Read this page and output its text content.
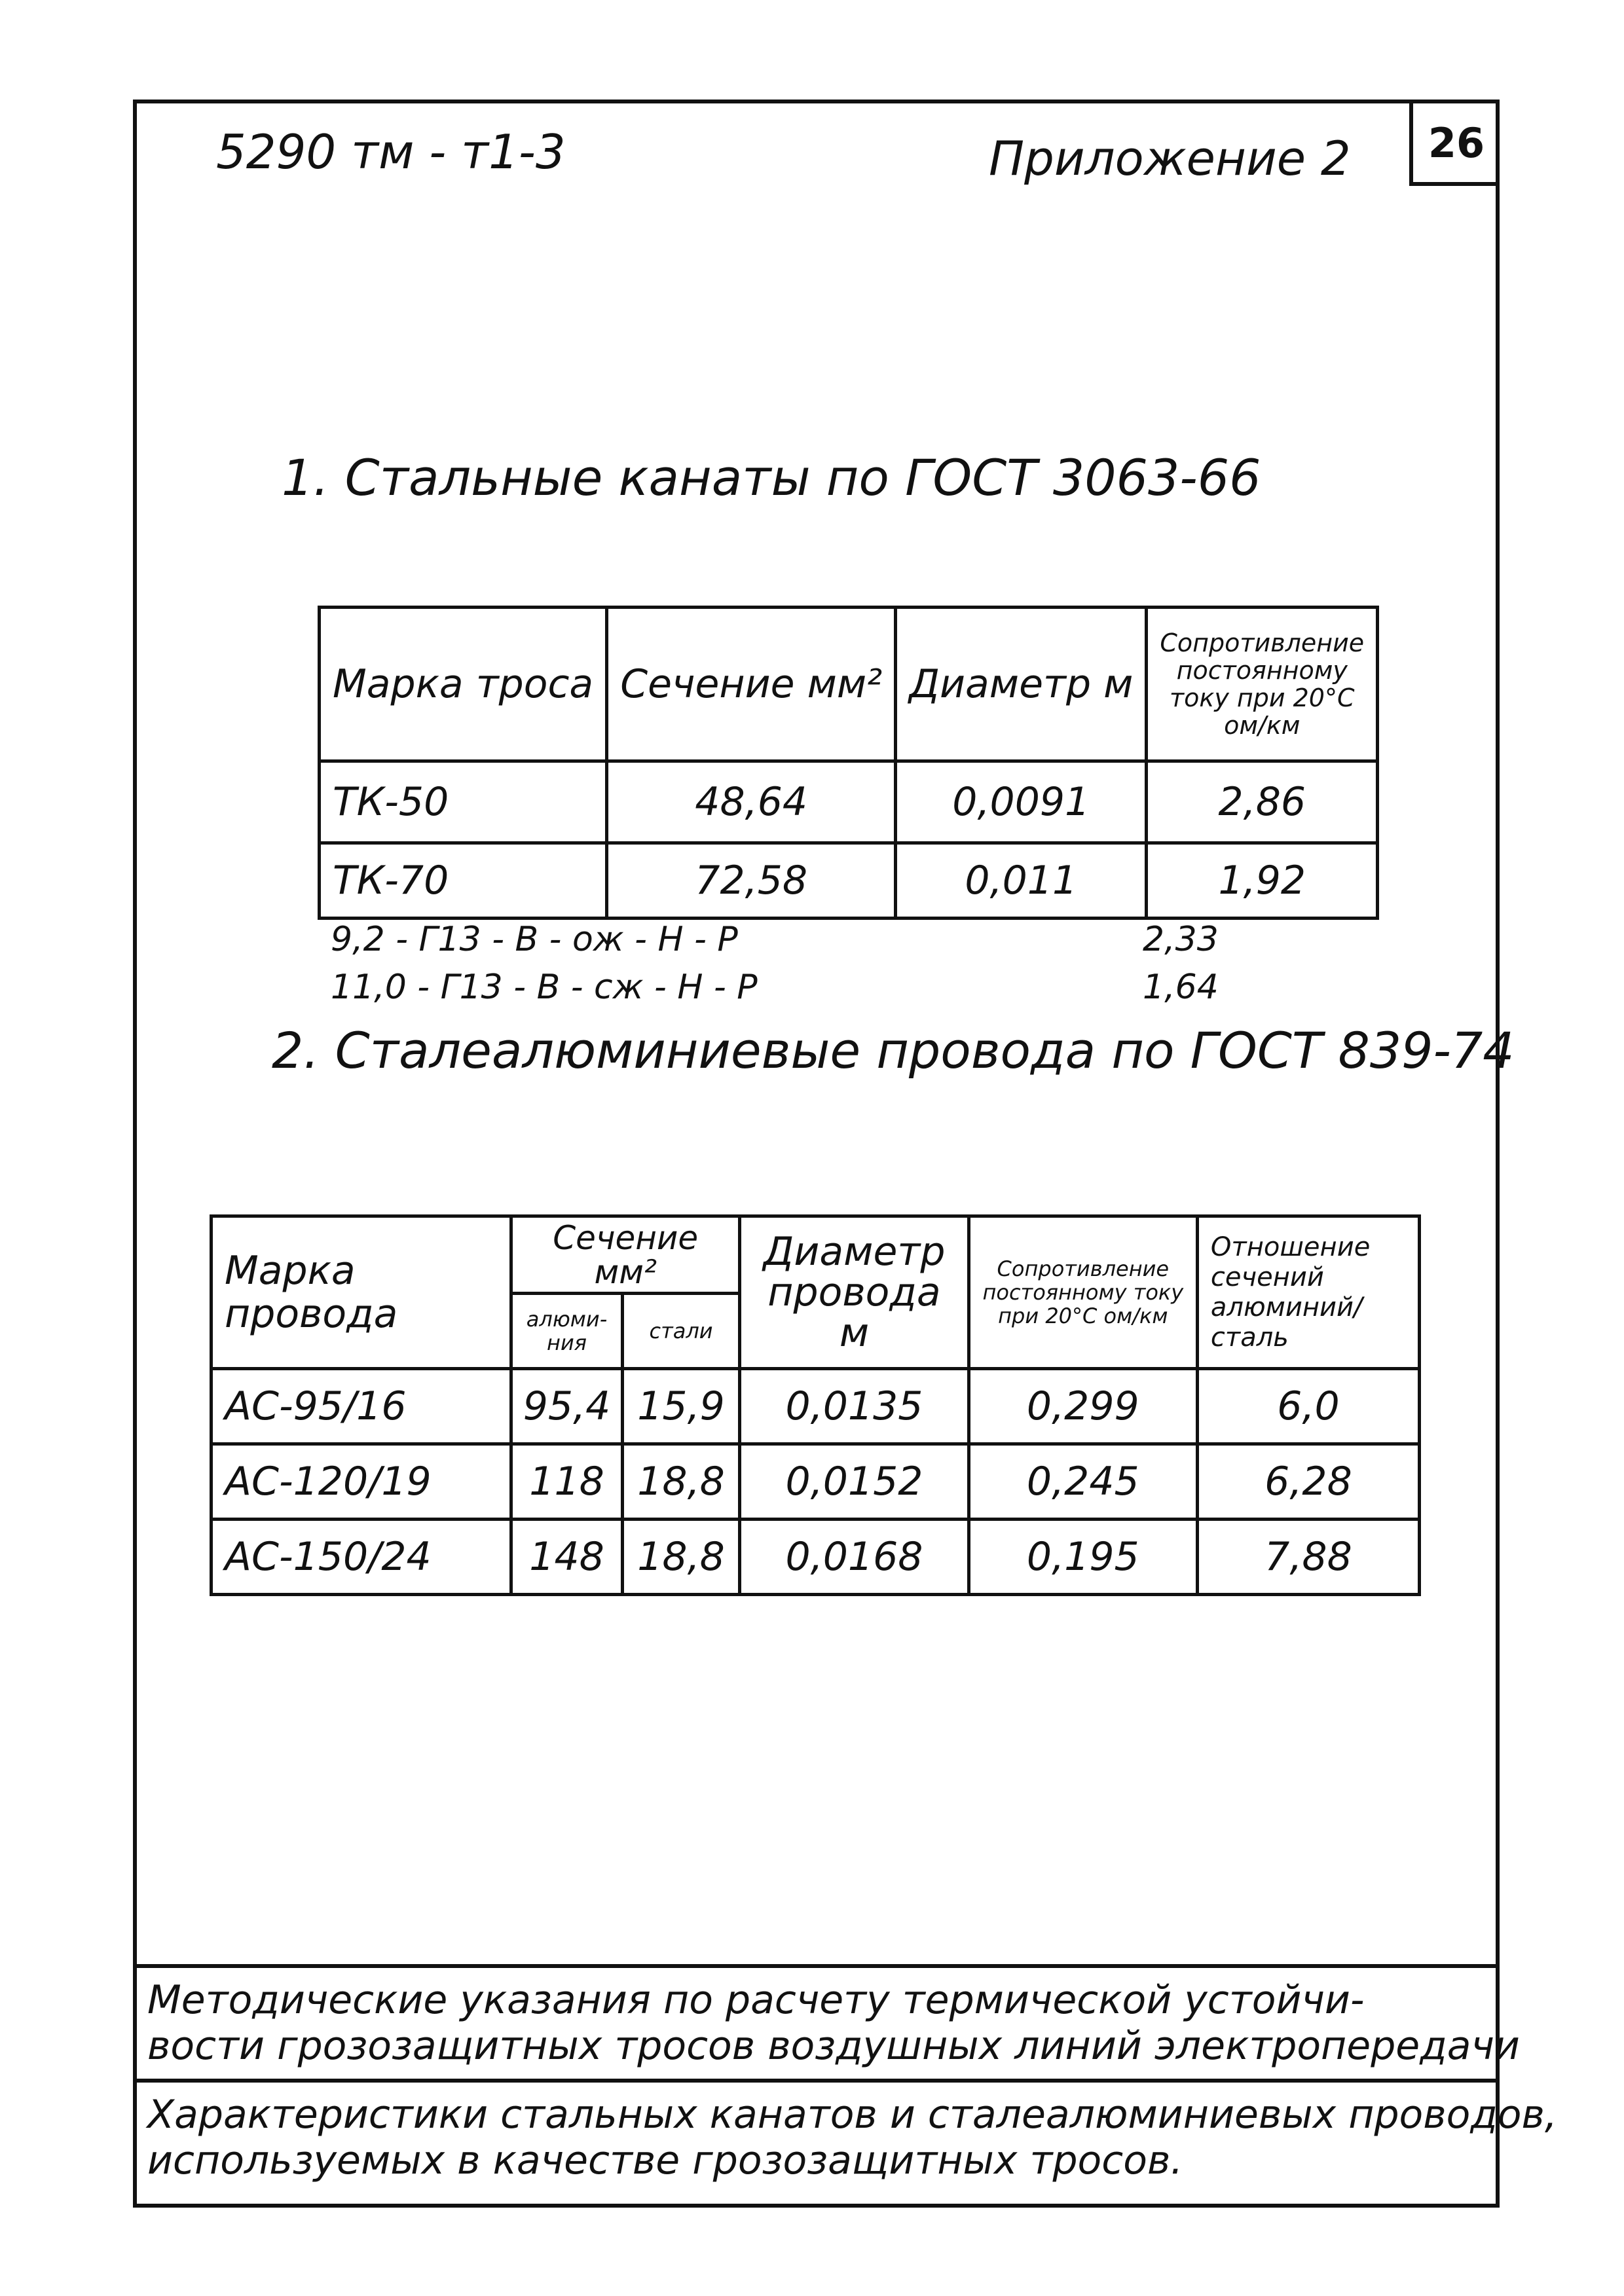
26
5290 тм - т1-3	Приложение 2
1. Стальные канаты по ГОСТ 3063-66
Марка троса	Сечение мм²	Диаметр м	Сопротивление постоянному току при 20°С ом/км
ТК-50	48,64	0,0091	2,86
ТК-70	72,58	0,011	1,92
9,2 - Г13 - В - ож - Н - Р	2,33
11,0 - Г13 - В - сж - Н - Р	1,64
2. Сталеалюминиевые провода по ГОСТ 839-74
Марка провода	Сечение мм²		Диаметр провода м	Сопротивление постоянному току при 20°С ом/км	Отношение сечений алюминий/сталь
	алюми-ния	стали			
АС-95/16	95,4	15,9	0,0135	0,299	6,0
АС-120/19	118	18,8	0,0152	0,245	6,28
АС-150/24	148	18,8	0,0168	0,195	7,88
Методические указания по расчету термической устойчи-
вости грозозащитных тросов воздушных линий электропередачи
Характеристики стальных канатов и сталеалюминиевых проводов,
используемых в качестве грозозащитных тросов.
